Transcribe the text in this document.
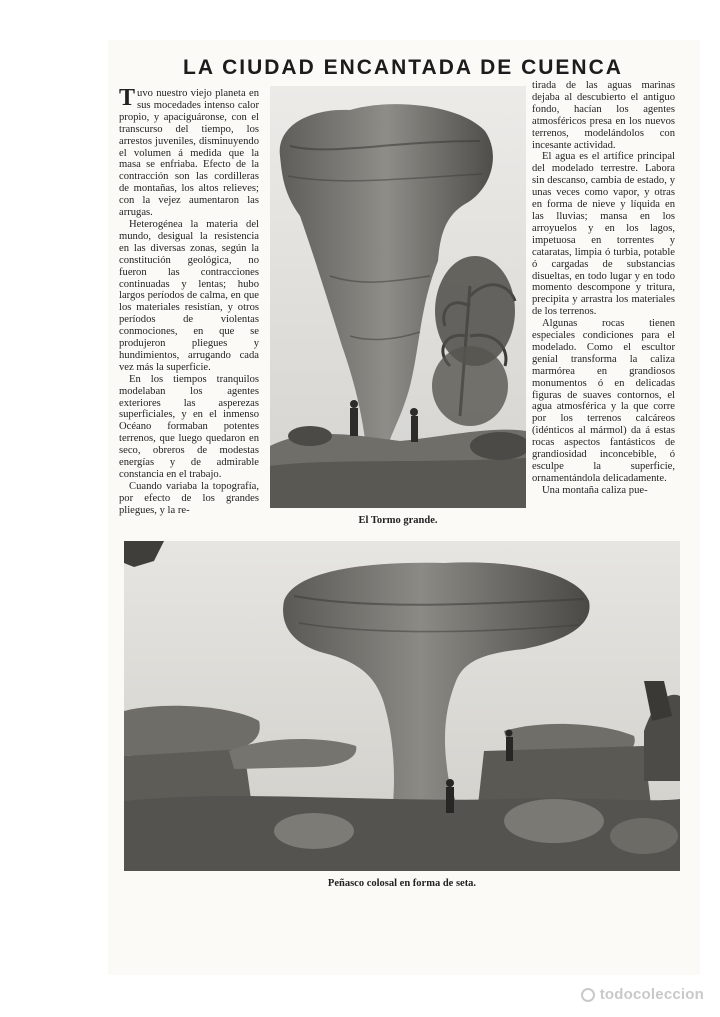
LA CIUDAD ENCANTADA DE CUENCA

Tuvo nuestro viejo planeta en sus mocedades intenso calor propio, y apaciguáronse, con el transcurso del tiempo, los arrestos juveniles, disminuyendo el volumen á medida que la masa se enfriaba. Efecto de la contracción son las cordilleras de montañas, los altos relieves; con la vejez aumentaron las arrugas.

Heterogénea la materia del mundo, desigual la resistencia en las diversas zonas, según la constitución geológica, no fueron las contracciones continuadas y lentas; hubo largos períodos de calma, en que los materiales resistían, y otros períodos de violentas conmociones, en que se produjeron pliegues y hundimientos, arrugando cada vez más la superficie.

En los tiempos tranquilos modelaban los agentes exteriores las asperezas superficiales, y en el inmenso Océano formaban potentes terrenos, que luego quedaron en seco, obreros de modestas energías y de admirable constancia en el trabajo.

Cuando variaba la topografía, por efecto de los grandes pliegues, y la re-

El Tormo grande.

tirada de las aguas marinas dejaba al descubierto el antiguo fondo, hacían los agentes atmosféricos presa en los nuevos terrenos, modelándolos con incesante actividad.

El agua es el artífice principal del modelado terrestre. Labora sin descanso, cambia de estado, y unas veces como vapor, y otras en forma de nieve y líquida en las lluvias; mansa en los arroyuelos y en los lagos, impetuosa en torrentes y cataratas, limpia ó turbia, potable ó cargadas de substancias disueltas, en todo lugar y en todo momento descompone y tritura, precipita y arrastra los materiales de los terrenos.

Algunas rocas tienen especiales condiciones para el modelado. Como el escultor genial transforma la caliza marmórea en grandiosos monumentos ó en delicadas figuras de suaves contornos, el agua atmosférica y la que corre por los terrenos calcáreos (idénticos al mármol) da á estas rocas aspectos fantásticos de grandiosidad inconcebible, ó esculpe la superficie, ornamentándola delicadamente.

Una montaña caliza pue-

Peñasco colosal en forma de seta.
todocoleccion
